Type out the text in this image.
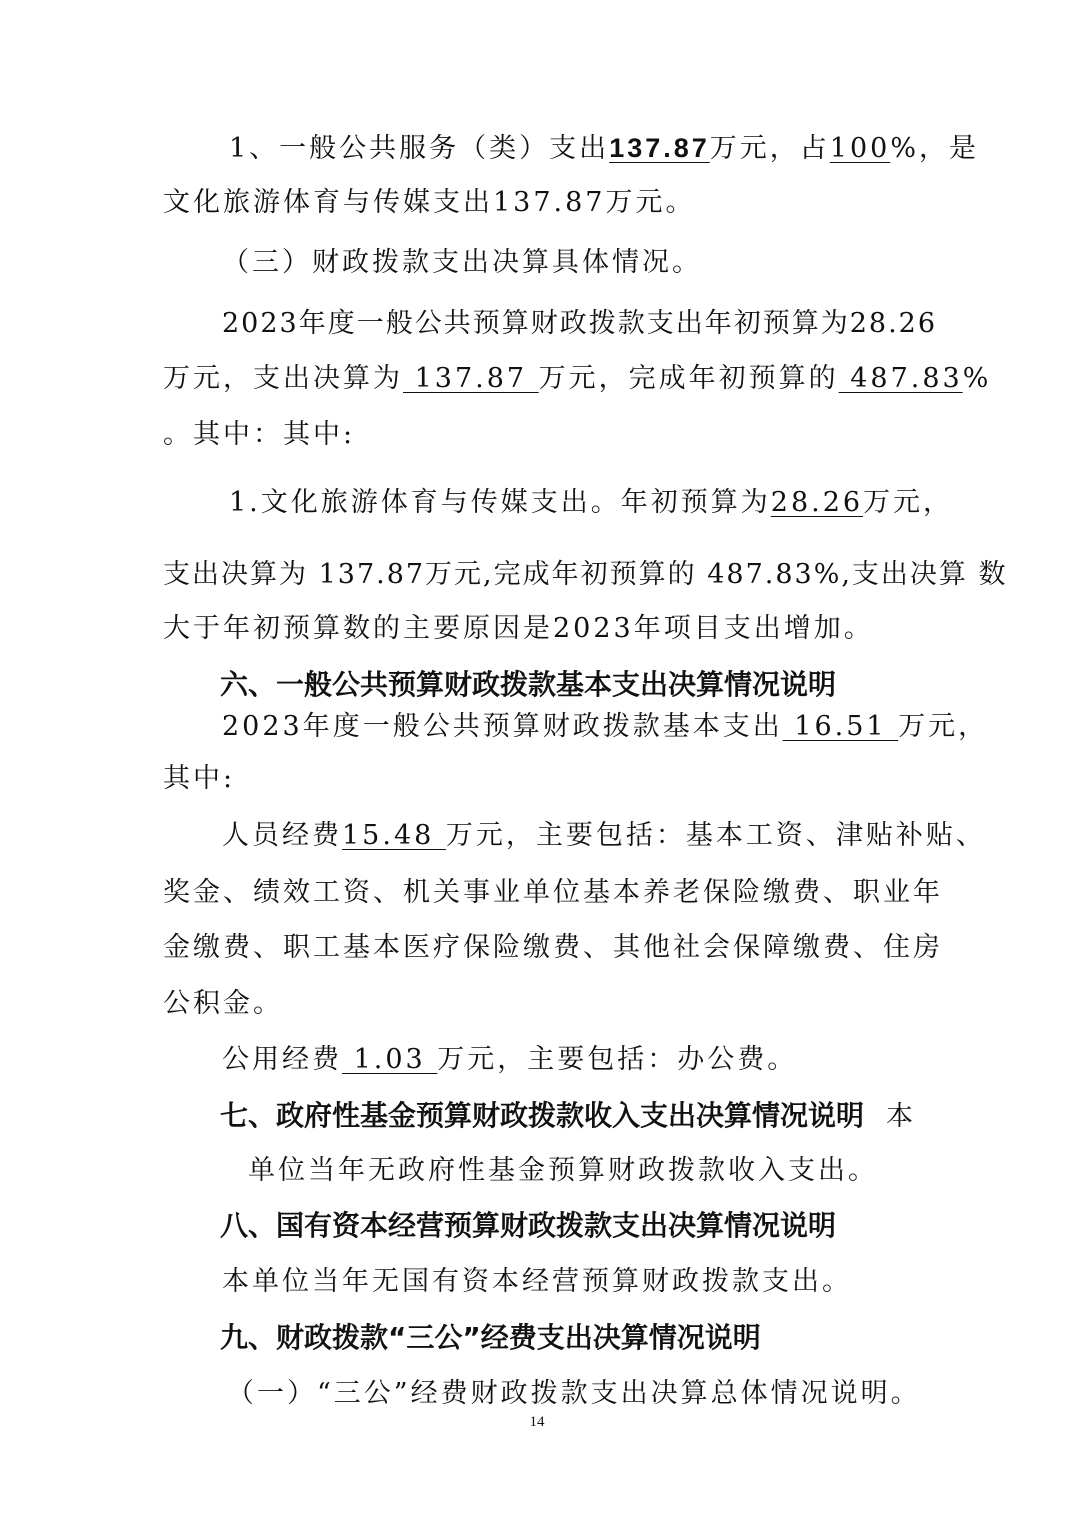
1、一般公共服务（类）支出137.87万元，占100%，是
文化旅游体育与传媒支出137.87万元。
（三）财政拨款支出决算具体情况。
2023年度一般公共预算财政拨款支出年初预算为28.26
万元，支出决算为 137.87 万元，完成年初预算的 487.83%
。其中：其中:
1.文化旅游体育与传媒支出。年初预算为28.26万元，
支出决算为 137.87万元,完成年初预算的 487.83%,支出决算 数
大于年初预算数的主要原因是2023年项目支出增加。
六、一般公共预算财政拨款基本支出决算情况说明
2023年度一般公共预算财政拨款基本支出 16.51 万元，
其中:
人员经费15.48 万元，主要包括：基本工资、津贴补贴、
奖金、绩效工资、机关事业单位基本养老保险缴费、职业年
金缴费、职工基本医疗保险缴费、其他社会保障缴费、住房
公积金。
公用经费 1.03 万元，主要包括：办公费。
七、政府性基金预算财政拨款收入支出决算情况说明 本
单位当年无政府性基金预算财政拨款收入支出。
八、国有资本经营预算财政拨款支出决算情况说明
本单位当年无国有资本经营预算财政拨款支出。
九、财政拨款“三公”经费支出决算情况说明
（一）“三公”经费财政拨款支出决算总体情况说明。
14
